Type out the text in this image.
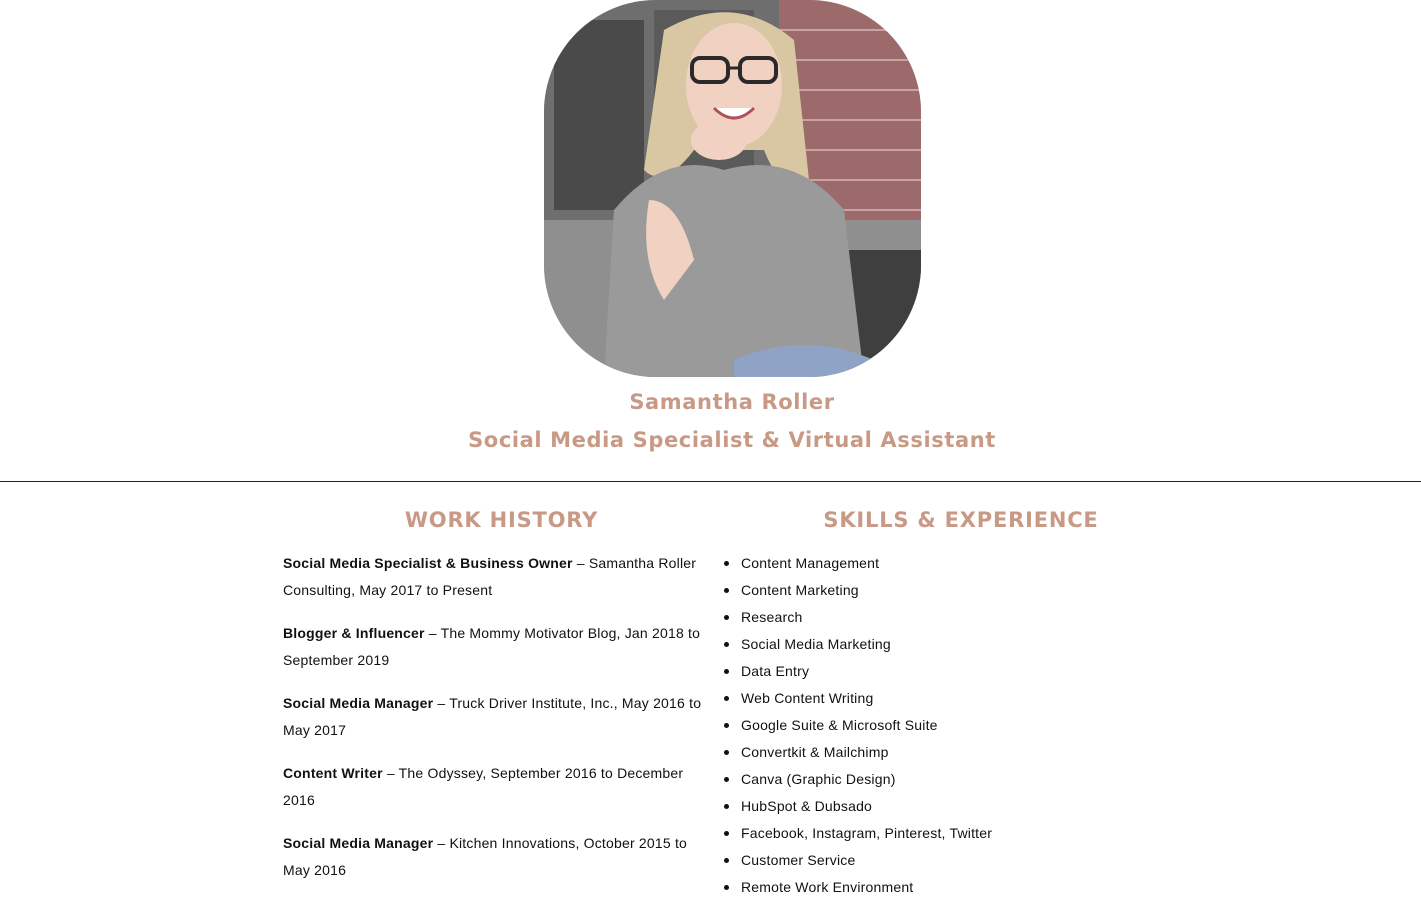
Samantha Roller
Social Media Specialist & Virtual Assistant
WORK HISTORY	SKILLS & EXPERIENCE
Social Media Specialist & Business Owner – Samantha Roller Consulting, May 2017 to Present
Blogger & Influencer – The Mommy Motivator Blog, Jan 2018 to September 2019
Social Media Manager – Truck Driver Institute, Inc., May 2016 to May 2017
Content Writer – The Odyssey, September 2016 to December 2016
Social Media Manager – Kitchen Innovations, October 2015 to May 2016
Content Management
Content Marketing
Research
Social Media Marketing
Data Entry
Web Content Writing
Google Suite & Microsoft Suite
Convertkit & Mailchimp
Canva (Graphic Design)
HubSpot & Dubsado
Facebook, Instagram, Pinterest, Twitter
Customer Service
Remote Work Environment
